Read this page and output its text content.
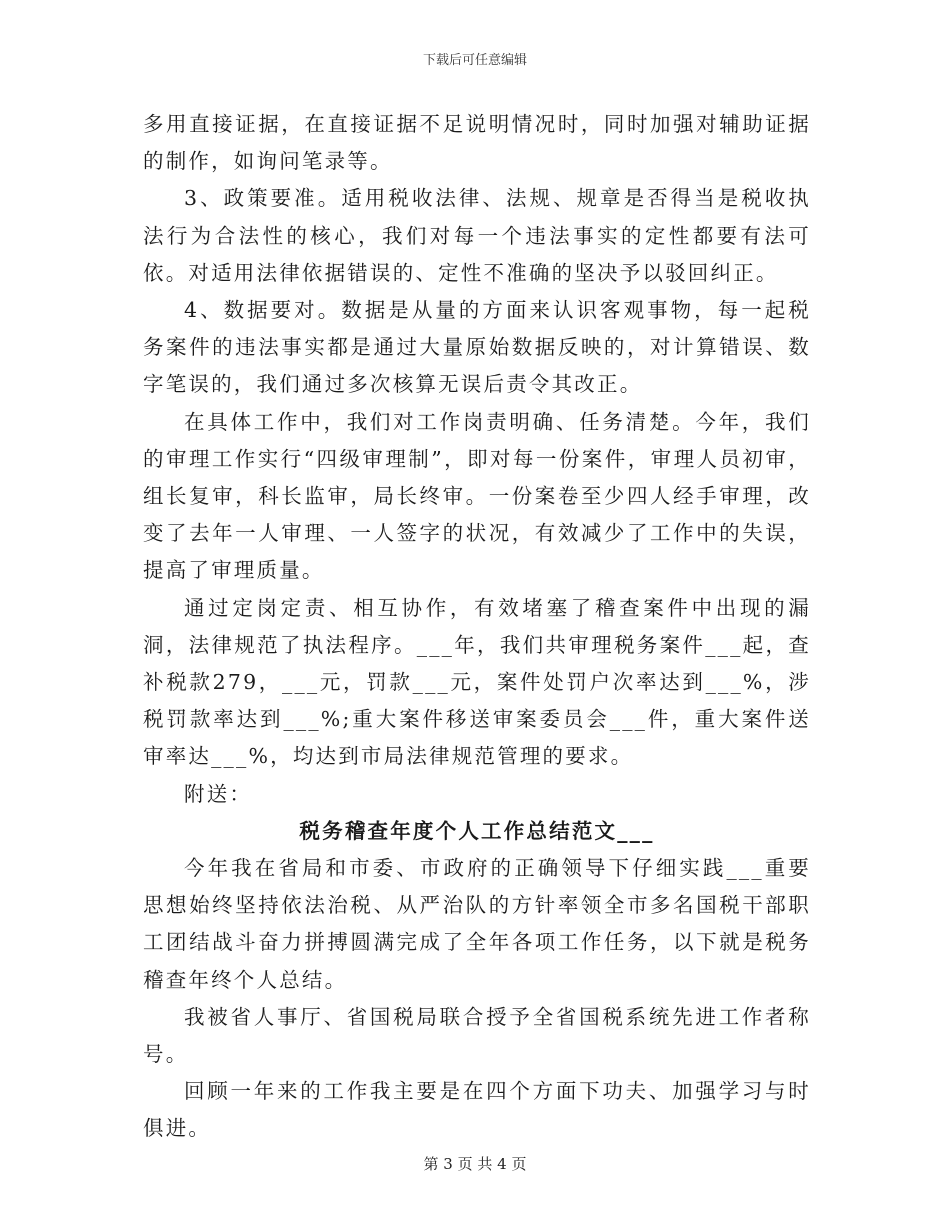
下载后可任意编辑

多用直接证据，在直接证据不足说明情况时，同时加强对辅助证据的制作，如询问笔录等。

3、政策要准。适用税收法律、法规、规章是否得当是税收执法行为合法性的核心，我们对每一个违法事实的定性都要有法可依。对适用法律依据错误的、定性不准确的坚决予以驳回纠正。

4、数据要对。数据是从量的方面来认识客观事物，每一起税务案件的违法事实都是通过大量原始数据反映的，对计算错误、数字笔误的，我们通过多次核算无误后责令其改正。

在具体工作中，我们对工作岗责明确、任务清楚。今年，我们的审理工作实行“四级审理制”，即对每一份案件，审理人员初审，组长复审，科长监审，局长终审。一份案卷至少四人经手审理，改变了去年一人审理、一人签字的状况，有效减少了工作中的失误，提高了审理质量。

通过定岗定责、相互协作，有效堵塞了稽查案件中出现的漏洞，法律规范了执法程序。___年，我们共审理税务案件___起，查补税款279，___元，罚款___元，案件处罚户次率达到___%，涉税罚款率达到___%;重大案件移送审案委员会___件，重大案件送审率达___%，均达到市局法律规范管理的要求。

附送：

税务稽查年度个人工作总结范文___

今年我在省局和市委、市政府的正确领导下仔细实践___重要思想始终坚持依法治税、从严治队的方针率领全市多名国税干部职工团结战斗奋力拼搏圆满完成了全年各项工作任务，以下就是税务稽查年终个人总结。

我被省人事厅、省国税局联合授予全省国税系统先进工作者称号。

回顾一年来的工作我主要是在四个方面下功夫、加强学习与时俱进。

第 3 页 共 4 页
